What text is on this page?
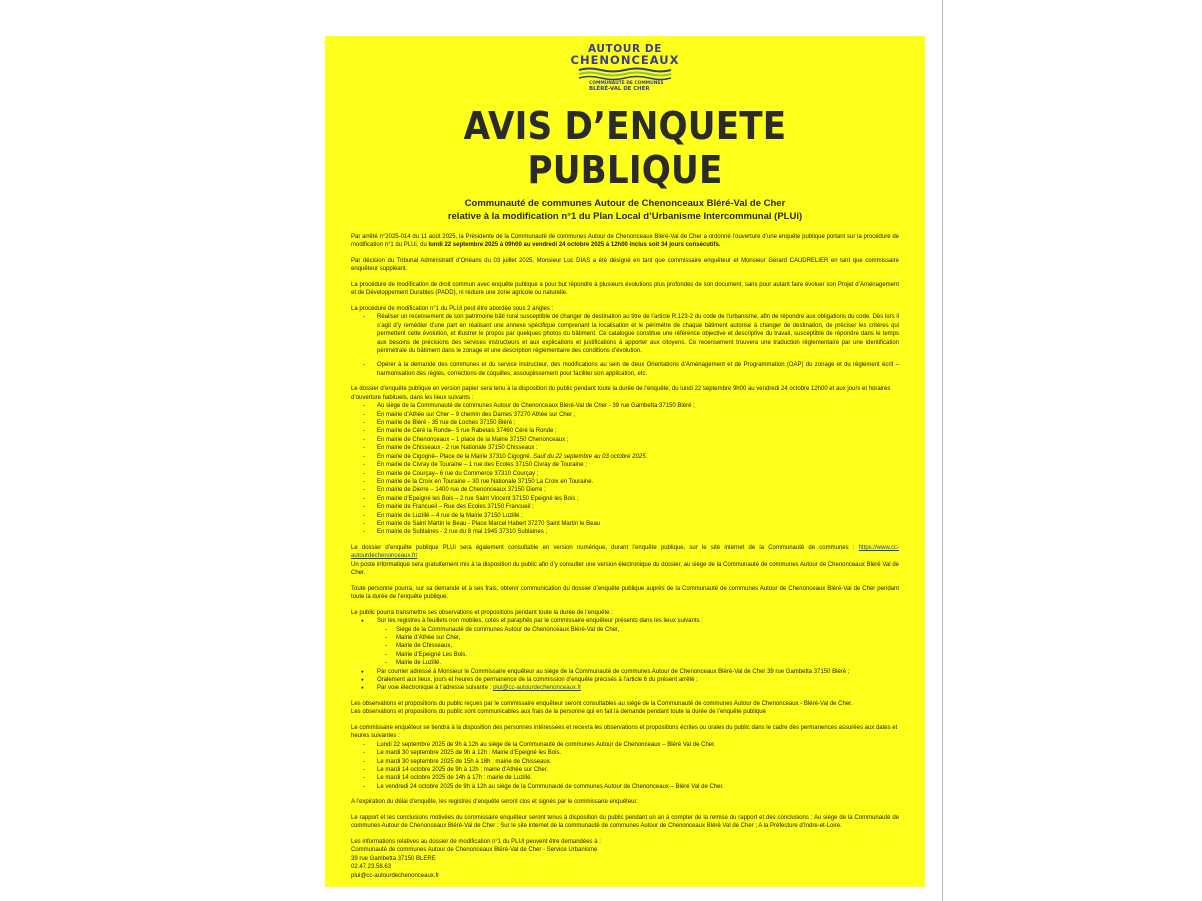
AUTOUR DE
CHENONCEAUX
COMMUNAUTÉ DE COMMUNES
BLÉRÉ-VAL DE CHER
AVIS D’ENQUETE PUBLIQUE
Communauté de communes Autour de Chenonceaux Bléré-Val de Cher
relative à la modification n°1 du Plan Local d’Urbanisme Intercommunal (PLUi)

Par arrêté n°2025-014 du 11 août 2025, la Présidente de la Communauté de communes Autour de Chenonceaux Bléré-Val de Cher a ordonné l’ouverture d’une enquête publique portant sur la procédure de modification n°1 du PLUi, du lundi 22 septembre 2025 à 09h00 au vendredi 24 octobre 2025 à 12h00 inclus soit 34 jours consécutifs.

Par décision du Tribunal Administratif d’Orléans du 03 juillet 2025, Monsieur Luc DIAS a été désigné en tant que commissaire enquêteur et Monsieur Gérard CAUDRELIER en tant que commissaire enquêteur suppléant.

La procédure de modification de droit commun avec enquête publique a pour but répondre à plusieurs évolutions plus profondes de son document, sans pour autant faire évoluer son Projet d’Aménagement et de Développement Durables (PADD), ni réduire une zone agricole ou naturelle.

La procédure de modification n°1 du PLUi peut être abordée sous 2 angles :
- Réaliser un recensement de son patrimoine bâti rural susceptible de changer de destination au titre de l’article R.123-2 du code de l’urbanisme, afin de répondre aux obligations du code. Dès lors il s’agit d’y remédier d’une part en réalisant une annexe spécifique comprenant la localisation et le périmètre de chaque bâtiment autorisé à changer de destination, de préciser les critères qui permettent cette évolution, et illustrer le propos par quelques photos du bâtiment. Ce catalogue constitue une référence objective et descriptive du travail, susceptible de répondre dans le temps aux besoins de précisions des services instructeurs et aux explications et justifications à apporter aux citoyens. Ce recensement trouvera une traduction réglementaire par une identification périmétrale du bâtiment dans le zonage et une description réglementaire des conditions d’évolution.
- Opérer à la demande des communes et du service instructeur, des modifications au sein de deux Orientations d’Aménagement et de Programmation (OAP) du zonage et du règlement écrit – harmonisation des règles, corrections de coquilles, assouplissement pour faciliter son application, etc.
Le dossier d’enquête publique en version papier sera tenu à la disposition du public pendant toute la durée de l’enquête, du lundi 22 septembre 9h00 au vendredi 24 octobre 12h00 et aux jours et horaires d’ouverture habituels, dans les lieux suivants :
- Au siège de la Communauté de communes Autour de Chenonceaux Bléré-Val de Cher - 39 rue Gambetta 37150 Bléré ;
- En mairie d’Athée sur Cher – 9 chemin des Dames 37270 Athée sur Cher ;
- En mairie de Bléré - 35 rue de Loches 37150 Bléré ;
- En mairie de Céré la Ronde– 5 rue Rabelais 37460 Céré la Ronde ;
- En mairie de Chenonceaux – 1 place de la Mairie 37150 Chenonceaux ;
- En mairie de Chisseaux - 2 rue Nationale 37150 Chisseaux ;
- En mairie de Cigogné– Place de la Mairie 37310 Cigogné. Sauf du 22 septembre au 03 octobre 2025.
- En mairie de Civray de Touraine – 1 rue des Ecoles 37150 Civray de Touraine ;
- En mairie de Courçay– 6 rue du Commerce 37310 Courçay ;
- En mairie de la Croix en Touraine – 30 rue Nationale 37150 La Croix en Touraine.
- En mairie de Dierre – 1400 rue de Chenonceaux 37150 Dierre ;
- En mairie d’Epeigné les Bois – 2 rue Saint Vincent 37150 Epeigné les Bois ;
- En mairie de Francueil – Rue des Ecoles 37150 Francueil ;
- En mairie de Luzillé – 4 rue de la Mairie 37150 Luzillé ;
- En mairie de Saint Martin le Beau - Place Marcel Habert 37270 Saint Martin le Beau
- En mairie de Sublaines - 2 rue du 8 mai 1945 37310 Sublaines ;

Le dossier d’enquête publique PLUi sera également consultable en version numérique, durant l’enquête publique, sur le site internet de la Communauté de communes : https://www.cc-autourdechenonceaux.fr/
Un poste informatique sera gratuitement mis à la disposition du public afin d’y consulter une version électronique du dossier, au siège de la Communauté de communes Autour de Chenonceaux Bléré Val de Cher.

Toute personne pourra, sur sa demande et à ses frais, obtenir communication du dossier d’enquête publique auprès de la Communauté de communes Autour de Chenonceaux Bléré-Val de Cher pendant toute la durée de l’enquête publique.

Le public pourra transmettre ses observations et propositions pendant toute la durée de l’enquête :
● Sur les registres à feuillets non mobiles, cotés et paraphés par le commissaire enquêteur présents dans les lieux suivants :
- Siège de la Communauté de communes Autour de Chenonceaux Bléré-Val de Cher,
- Mairie d’Athée sur Cher,
- Mairie de Chisseaux,
- Mairie d’Epeigné Les Bois.
- Mairie de Luzillé.
● Par courrier adressé à Monsieur le Commissaire enquêteur au siège de la Communauté de communes Autour de Chenonceaux Bléré-Val de Cher 39 rue Gambetta 37150 Bléré ;
● Oralement aux lieux, jours et heures de permanence de la commission d’enquête précisés à l’article 6 du présent arrêté ;
● Par voie électronique à l’adresse suivante : plui@cc-autourdechenonceaux.fr

Les observations et propositions du public reçues par le commissaire enquêteur seront consultables au siège de la Communauté de communes Autour de Chenonceaux - Bléré-Val de Cher.
Les observations et propositions du public sont communicables aux frais de la personne qui en fait la demande pendant toute la durée de l’enquête publique

Le commissaire enquêteur se tiendra à la disposition des personnes intéressées et recevra les observations et propositions écrites ou orales du public dans le cadre des permanences assurées aux dates et heures suivantes :
- Lundi 22 septembre 2025 de 9h à 12h au siège de la Communauté de communes Autour de Chenonceaux – Bléré Val de Cher.
- Le mardi 30 septembre 2025 de 9h à 12h : Mairie d’Epeigné les Bois.
- Le mardi 30 septembre 2025 de 15h à 18h : mairie de Chisseaux.
- Le mardi 14 octobre 2025 de 9h à 12h : mairie d’Athée sur Cher.
- Le mardi 14 octobre 2025 de 14h à 17h : mairie de Luzillé.
- Le vendredi 24 octobre 2025 de 9h à 12h au siège de la Communauté de communes Autour de Chenonceaux – Bléré Val de Cher.

A l’expiration du délai d’enquête, les registres d’enquête seront clos et signés par le commissaire enquêteur.

Le rapport et les conclusions motivées du commissaire enquêteur seront tenus à disposition du public pendant un an à compter de la remise du rapport et des conclusions : Au siège de la Communauté de communes Autour de Chenonceaux Bléré-Val de Cher ; Sur le site internet de la communauté de communes Autour de Chenonceaux Bléré Val de Cher ; A la Préfecture d’Indre-et-Loire.

Les informations relatives au dossier de modification n°1 du PLUI peuvent être demandées à :
Communauté de communes Autour de Chenonceaux Bléré-Val de Cher - Service Urbanisme
39 rue Gambetta 37150 BLERE
02.47.23.58.63
plui@cc-autourdechenonceaux.fr
